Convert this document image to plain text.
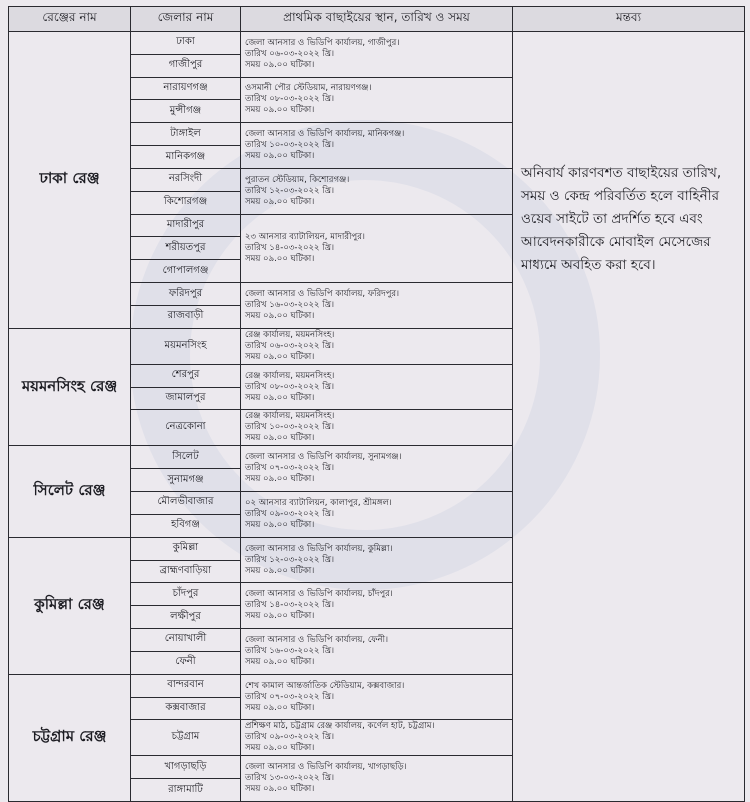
রেঞ্জের নাম	জেলার নাম	প্রাথমিক বাছাইয়ের স্থান, তারিখ ও সময়	মন্তব্য
ঢাকা রেঞ্জ	ঢাকা	জেলা আনসার ও ভিডিপি কার্যালয়, গাজীপুর।
তারিখ ০৬-০৩-২০২২ খ্রি।
সময় ০৯.০০ ঘটিকা।	অনিবার্য কারণবশত বাছাইয়ের তারিখ, সময় ও কেন্দ্র পরিবর্তিত হলে বাহিনীর ওয়েব সাইটে তা প্রদর্শিত হবে এবং আবেদনকারীকে মোবাইল মেসেজের মাধ্যমে অবহিত করা হবে।
	গাজীপুর		
	নারায়ণগঞ্জ	ওসমানী পৌর স্টেডিয়াম, নারায়ণগঞ্জ।
তারিখ ০৮-০৩-২০২২ খ্রি।
সময় ০৯.০০ ঘটিকা।	

	মুন্সীগঞ্জ		
	টাঙ্গাইল	জেলা আনসার ও ভিডিপি কার্যালয়, মানিকগঞ্জ।
তারিখ ১০-০৩-২০২২ খ্রি।
সময় ০৯.০০ ঘটিকা।	

	মানিকগঞ্জ		
	নরসিংদী	পুরাতন স্টেডিয়াম, কিশোরগঞ্জ।
তারিখ ১২-০৩-২০২২ খ্রি।
সময় ০৯.০০ ঘটিকা।	

	কিশোরগঞ্জ		
	মাদারীপুর	২৩ আনসার ব্যাটালিয়ন, মাদারীপুর।
তারিখ ১৪-০৩-২০২২ খ্রি।
সময় ০৯.০০ ঘটিকা।	

	শরীয়তপুর		
	গোপালগঞ্জ		
	ফরিদপুর	জেলা আনসার ও ভিডিপি কার্যালয়, ফরিদপুর।
তারিখ ১৬-০৩-২০২২ খ্রি।
সময় ০৯.০০ ঘটিকা।	

	রাজবাড়ী		
ময়মনসিংহ রেঞ্জ	ময়মনসিংহ	রেঞ্জ কার্যালয়, ময়মনসিংহ।
তারিখ ০৬-০৩-২০২২ খ্রি।
সময় ০৯.০০ ঘটিকা।	

	শেরপুর	রেঞ্জ কার্যালয়, ময়মনসিংহ।
তারিখ ০৮-০৩-২০২২ খ্রি।
সময় ০৯.০০ ঘটিকা।	

	জামালপুর		
	নেত্রকোনা	রেঞ্জ কার্যালয়, ময়মনসিংহ।
তারিখ ১০-০৩-২০২২ খ্রি।
সময় ০৯.০০ ঘটিকা।	

সিলেট রেঞ্জ	সিলেট	জেলা আনসার ও ভিডিপি কার্যালয়, সুনামগঞ্জ।
তারিখ ০৭-০৩-২০২২ খ্রি।
সময় ০৯.০০ ঘটিকা।	

	সুনামগঞ্জ		
	মৌলভীবাজার	০২ আনসার ব্যাটালিয়ন, কালাপুর, শ্রীমঙ্গল।
তারিখ ০৯-০৩-২০২২ খ্রি।
সময় ০৯.০০ ঘটিকা।	

	হবিগঞ্জ		
কুমিল্লা রেঞ্জ	কুমিল্লা	জেলা আনসার ও ভিডিপি কার্যালয়, কুমিল্লা।
তারিখ ১২-০৩-২০২২ খ্রি।
সময় ০৯.০০ ঘটিকা।	

	ব্রাহ্মণবাড়িয়া		
	চাঁদপুর	জেলা আনসার ও ভিডিপি কার্যালয়, চাঁদপুর।
তারিখ ১৪-০৩-২০২২ খ্রি।
সময় ০৯.০০ ঘটিকা।	

	লক্ষীপুর		
	নোয়াখালী	জেলা আনসার ও ভিডিপি কার্যালয়, ফেনী।
তারিখ ১৬-০৩-২০২২ খ্রি।
সময় ০৯.০০ ঘটিকা।	

	ফেনী		
চট্টগ্রাম রেঞ্জ	বান্দরবান	শেখ কামাল আন্তর্জাতিক স্টেডিয়াম, কক্সবাজার।
তারিখ ০৭-০৩-২০২২ খ্রি।
সময় ০৯.০০ ঘটিকা।	

	কক্সবাজার		
	চট্টগ্রাম	প্রশিক্ষণ মাঠ, চট্টগ্রাম রেঞ্জ কার্যালয়, কর্ণেল হাট, চট্টগ্রাম।
তারিখ ০৯-০৩-২০২২ খ্রি।
সময় ০৯.০০ ঘটিকা।	

	খাগড়াছড়ি	জেলা আনসার ও ভিডিপি কার্যালয়, খাগড়াছড়ি।
তারিখ ১৩-০৩-২০২২ খ্রি।
সময় ০৯.০০ ঘটিকা।	

	রাঙ্গামাটি		
